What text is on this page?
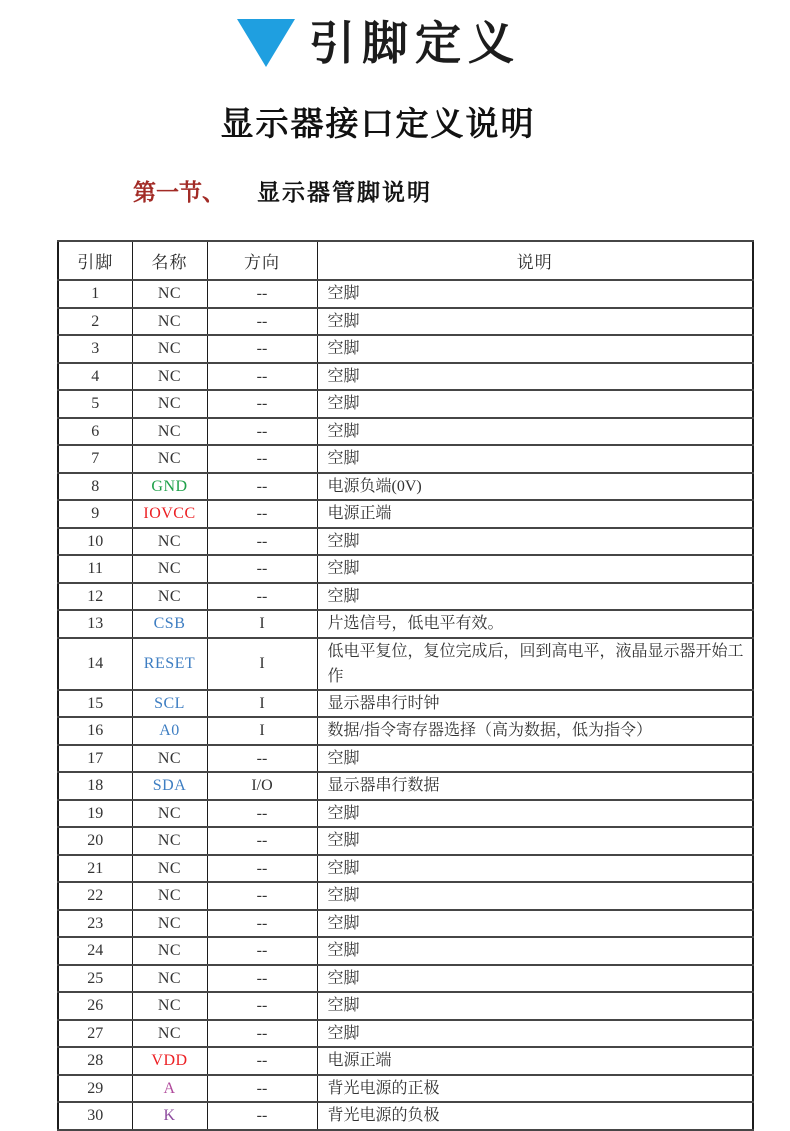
引脚定义
显示器接口定义说明
第一节、 显示器管脚说明
引脚	名称	方向	说明
1	NC	--	空脚
2	NC	--	空脚
3	NC	--	空脚
4	NC	--	空脚
5	NC	--	空脚
6	NC	--	空脚
7	NC	--	空脚
8	GND	--	电源负端(0V)
9	IOVCC	--	电源正端
10	NC	--	空脚
11	NC	--	空脚
12	NC	--	空脚
13	CSB	I	片选信号，低电平有效。
14	RESET	I	低电平复位，复位完成后，回到高电平，液晶显示器开始工作
15	SCL	I	显示器串行时钟
16	A0	I	数据/指令寄存器选择（高为数据，低为指令）
17	NC	--	空脚
18	SDA	I/O	显示器串行数据
19	NC	--	空脚
20	NC	--	空脚
21	NC	--	空脚
22	NC	--	空脚
23	NC	--	空脚
24	NC	--	空脚
25	NC	--	空脚
26	NC	--	空脚
27	NC	--	空脚
28	VDD	--	电源正端
29	A	--	背光电源的正极
30	K	--	背光电源的负极
